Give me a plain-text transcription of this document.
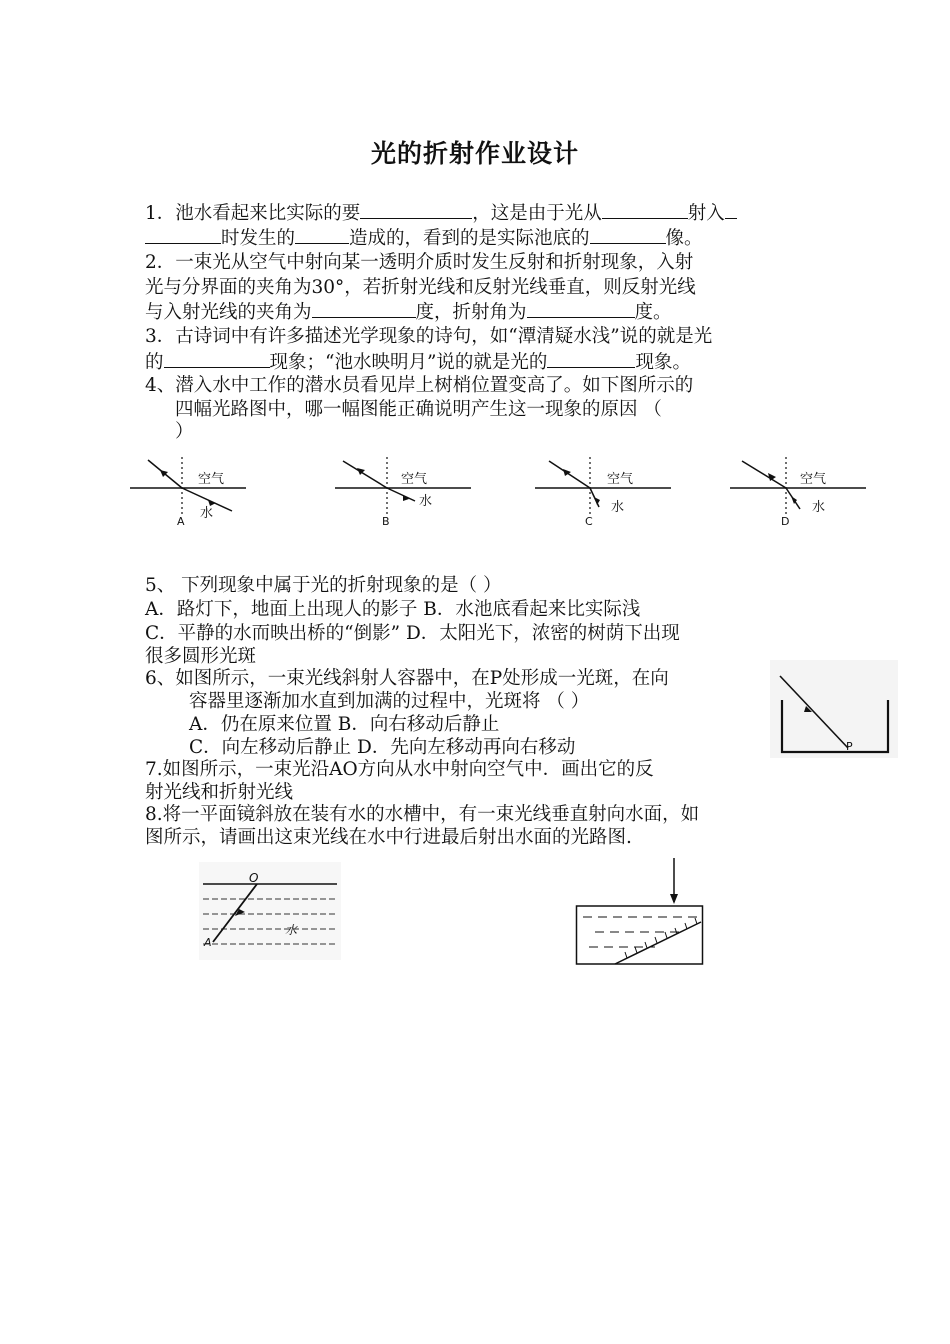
光的折射作业设计
1．池水看起来比实际的要	，这是由于光从	射入
时发生的	造成的，看到的是实际池底的	像。
2．一束光从空气中射向某一透明介质时发生反射和折射现象，入射
光与分界面的夹角为30°，若折射光线和反射光线垂直，则反射光线
与入射光线的夹角为	度，折射角为	度。
3．古诗词中有许多描述光学现象的诗句，如“潭清疑水浅”说的就是光
的	现象；“池水映明月”说的就是光的	现象。
4、潜入水中工作的潜水员看见岸上树梢位置变高了。如下图所示的
四幅光路图中，哪一幅图能正确说明产生这一现象的原因 （
）
空气
水
A
空气
水
B
空气
水
C
空气
水
D
5、 下列现象中属于光的折射现象的是（ ）
A．路灯下，地面上出现人的影子 B．水池底看起来比实际浅
C．平静的水而映出桥的“倒影” D．太阳光下，浓密的树荫下出现
很多圆形光斑
6、如图所示，一束光线斜射人容器中，在P处形成一光斑，在向
容器里逐渐加水直到加满的过程中，光斑将 （ ）
A．仍在原来位置 B．向右移动后静止
C．向左移动后静止 D．先向左移动再向右移动	P
7.如图所示，一束光沿AO方向从水中射向空气中．画出它的反
射光线和折射光线
8.将一平面镜斜放在装有水的水槽中，有一束光线垂直射向水面，如
图所示，请画出这束光线在水中行进最后射出水面的光路图.
O
A
水
